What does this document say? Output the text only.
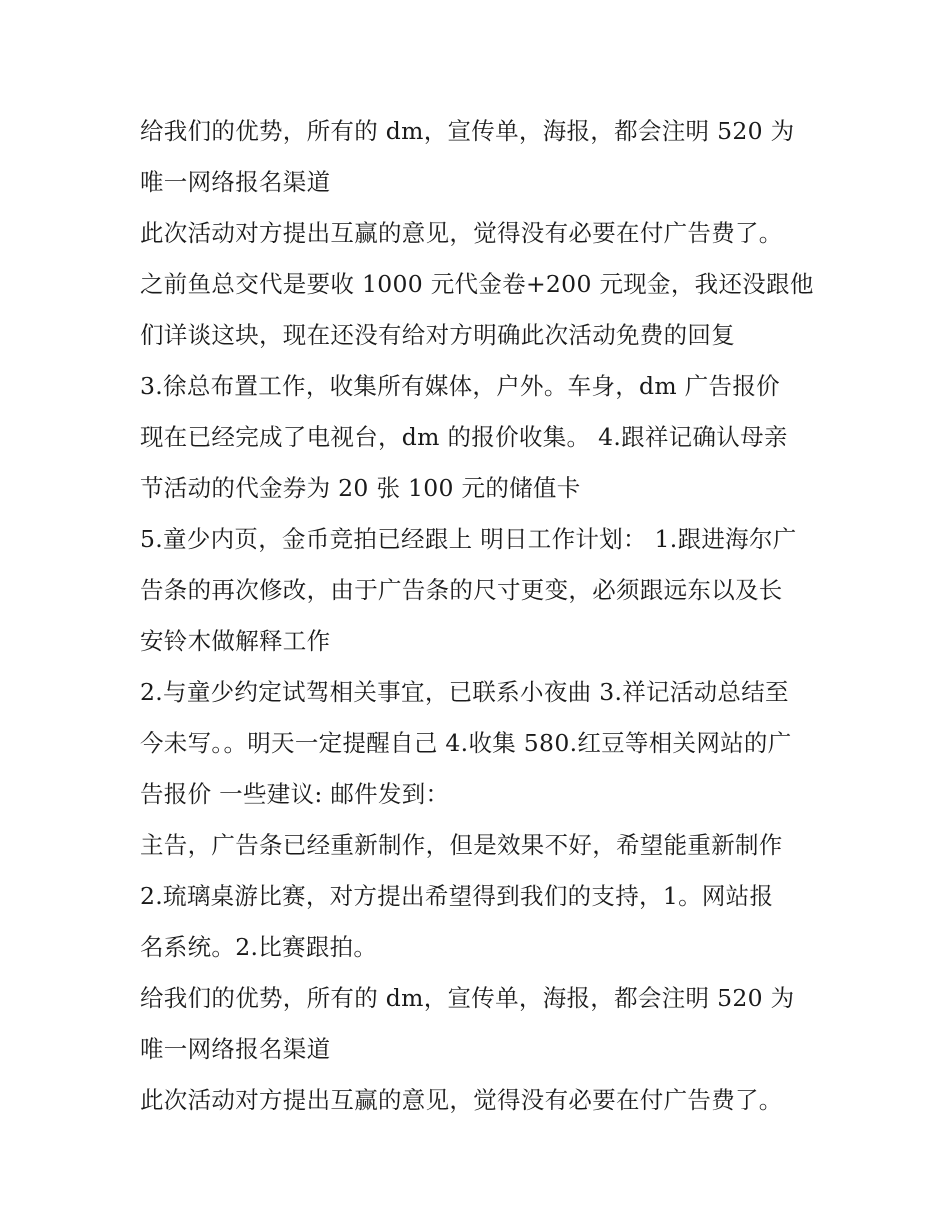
给我们的优势，所有的 dm，宣传单，海报，都会注明 520 为
唯一网络报名渠道
此次活动对方提出互赢的意见，觉得没有必要在付广告费了。
之前鱼总交代是要收 1000 元代金卷+200 元现金，我还没跟他
们详谈这块，现在还没有给对方明确此次活动免费的回复
3.徐总布置工作，收集所有媒体，户外。车身，dm 广告报价
现在已经完成了电视台，dm 的报价收集。 4.跟祥记确认母亲
节活动的代金券为 20 张 100 元的储值卡
5.童少内页，金币竞拍已经跟上 明日工作计划： 1.跟进海尔广
告条的再次修改，由于广告条的尺寸更变，必须跟远东以及长
安铃木做解释工作
2.与童少约定试驾相关事宜，已联系小夜曲 3.祥记活动总结至
今未写。。明天一定提醒自己 4.收集 580.红豆等相关网站的广
告报价 一些建议: 邮件发到：
主告，广告条已经重新制作，但是效果不好，希望能重新制作
2.琉璃桌游比赛，对方提出希望得到我们的支持，1。网站报
名系统。2.比赛跟拍。
给我们的优势，所有的 dm，宣传单，海报，都会注明 520 为
唯一网络报名渠道
此次活动对方提出互赢的意见，觉得没有必要在付广告费了。
